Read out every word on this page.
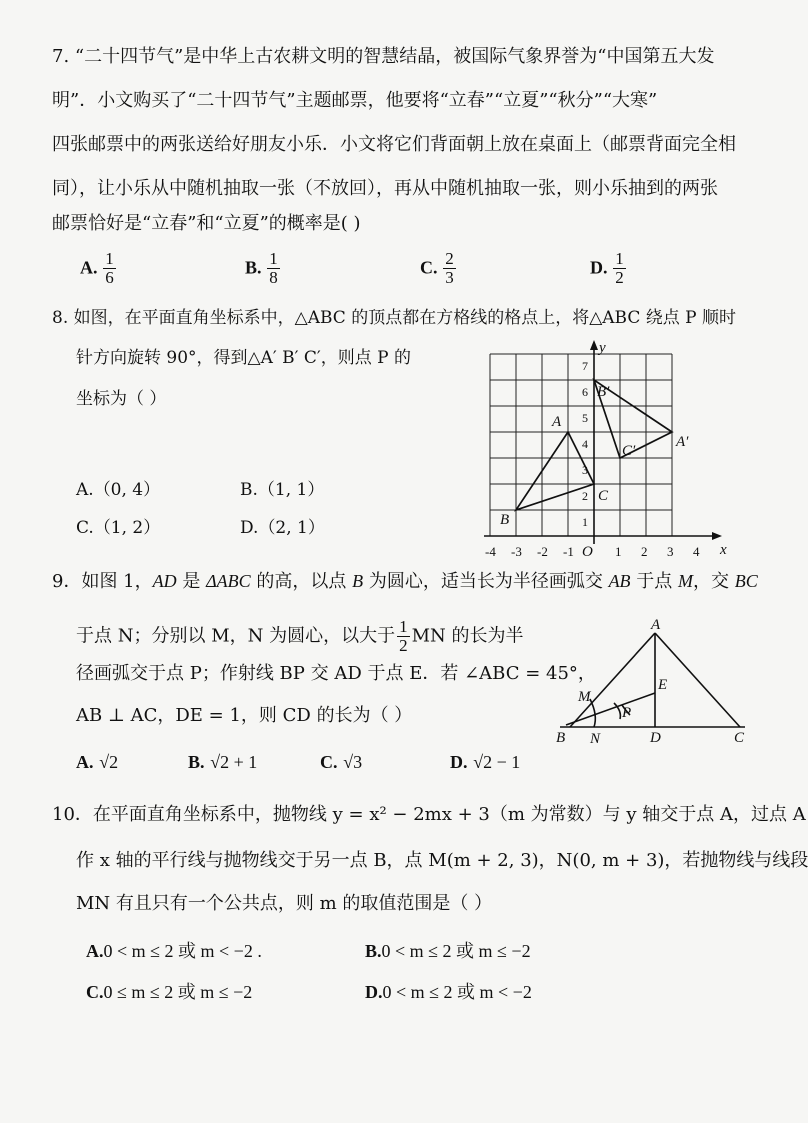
7. “二十四节气”是中华上古农耕文明的智慧结晶，被国际气象界誉为“中国第五大发
明”．小文购买了“二十四节气”主题邮票，他要将“立春”“立夏”“秋分”“大寒”
四张邮票中的两张送给好朋友小乐．小文将它们背面朝上放在桌面上（邮票背面完全相
同），让小乐从中随机抽取一张（不放回），再从中随机抽取一张，则小乐抽到的两张
邮票恰好是“立春”和“立夏”的概率是( )
A. $\frac{1}{6}$	B. $\frac{1}{8}$	C. $\frac{2}{3}$	D. $\frac{1}{2}$
8. 如图，在平面直角坐标系中，△ABC 的顶点都在方格线的格点上，将△ABC 绕点 P 顺时
针方向旋转 90°，得到△A′ B′ C′，则点 P 的
坐标为（ ）
A.（0, 4）	B.（1, 1）
C.（1, 2）	D.（2, 1）
-4 -3 -2 -1 O 1 2 3 4
1
2
3
4
5
6
7
x
y
A
B
C
A′
B′
C′
9．如图 1，AD 是 ΔABC 的高，以点 B 为圆心，适当长为半径画弧交 AB 于点 M，交 BC
于点 N；分别以 M，N 为圆心，以大于 $\frac{1}{2}$ MN 的长为半
径画弧交于点 P；作射线 BP 交 AD 于点 E．若 ∠ABC = 45°，
AB ⊥ AC，DE = 1，则 CD 的长为（ ）
A. √2	B. √2 + 1	C. √3	D. √2 − 1
A
B	C
D
E
M
N
P
10．在平面直角坐标系中，抛物线 y = x² − 2mx + 3（m 为常数）与 y 轴交于点 A，过点 A
作 x 轴的平行线与抛物线交于另一点 B，点 M(m + 2, 3)，N(0, m + 3)，若抛物线与线段
MN 有且只有一个公共点，则 m 的取值范围是（ ）
A.0 < m ≤ 2 或 m < −2 .	B.0 < m ≤ 2 或 m ≤ −2
C.0 ≤ m ≤ 2 或 m ≤ −2	D.0 < m ≤ 2 或 m < −2
